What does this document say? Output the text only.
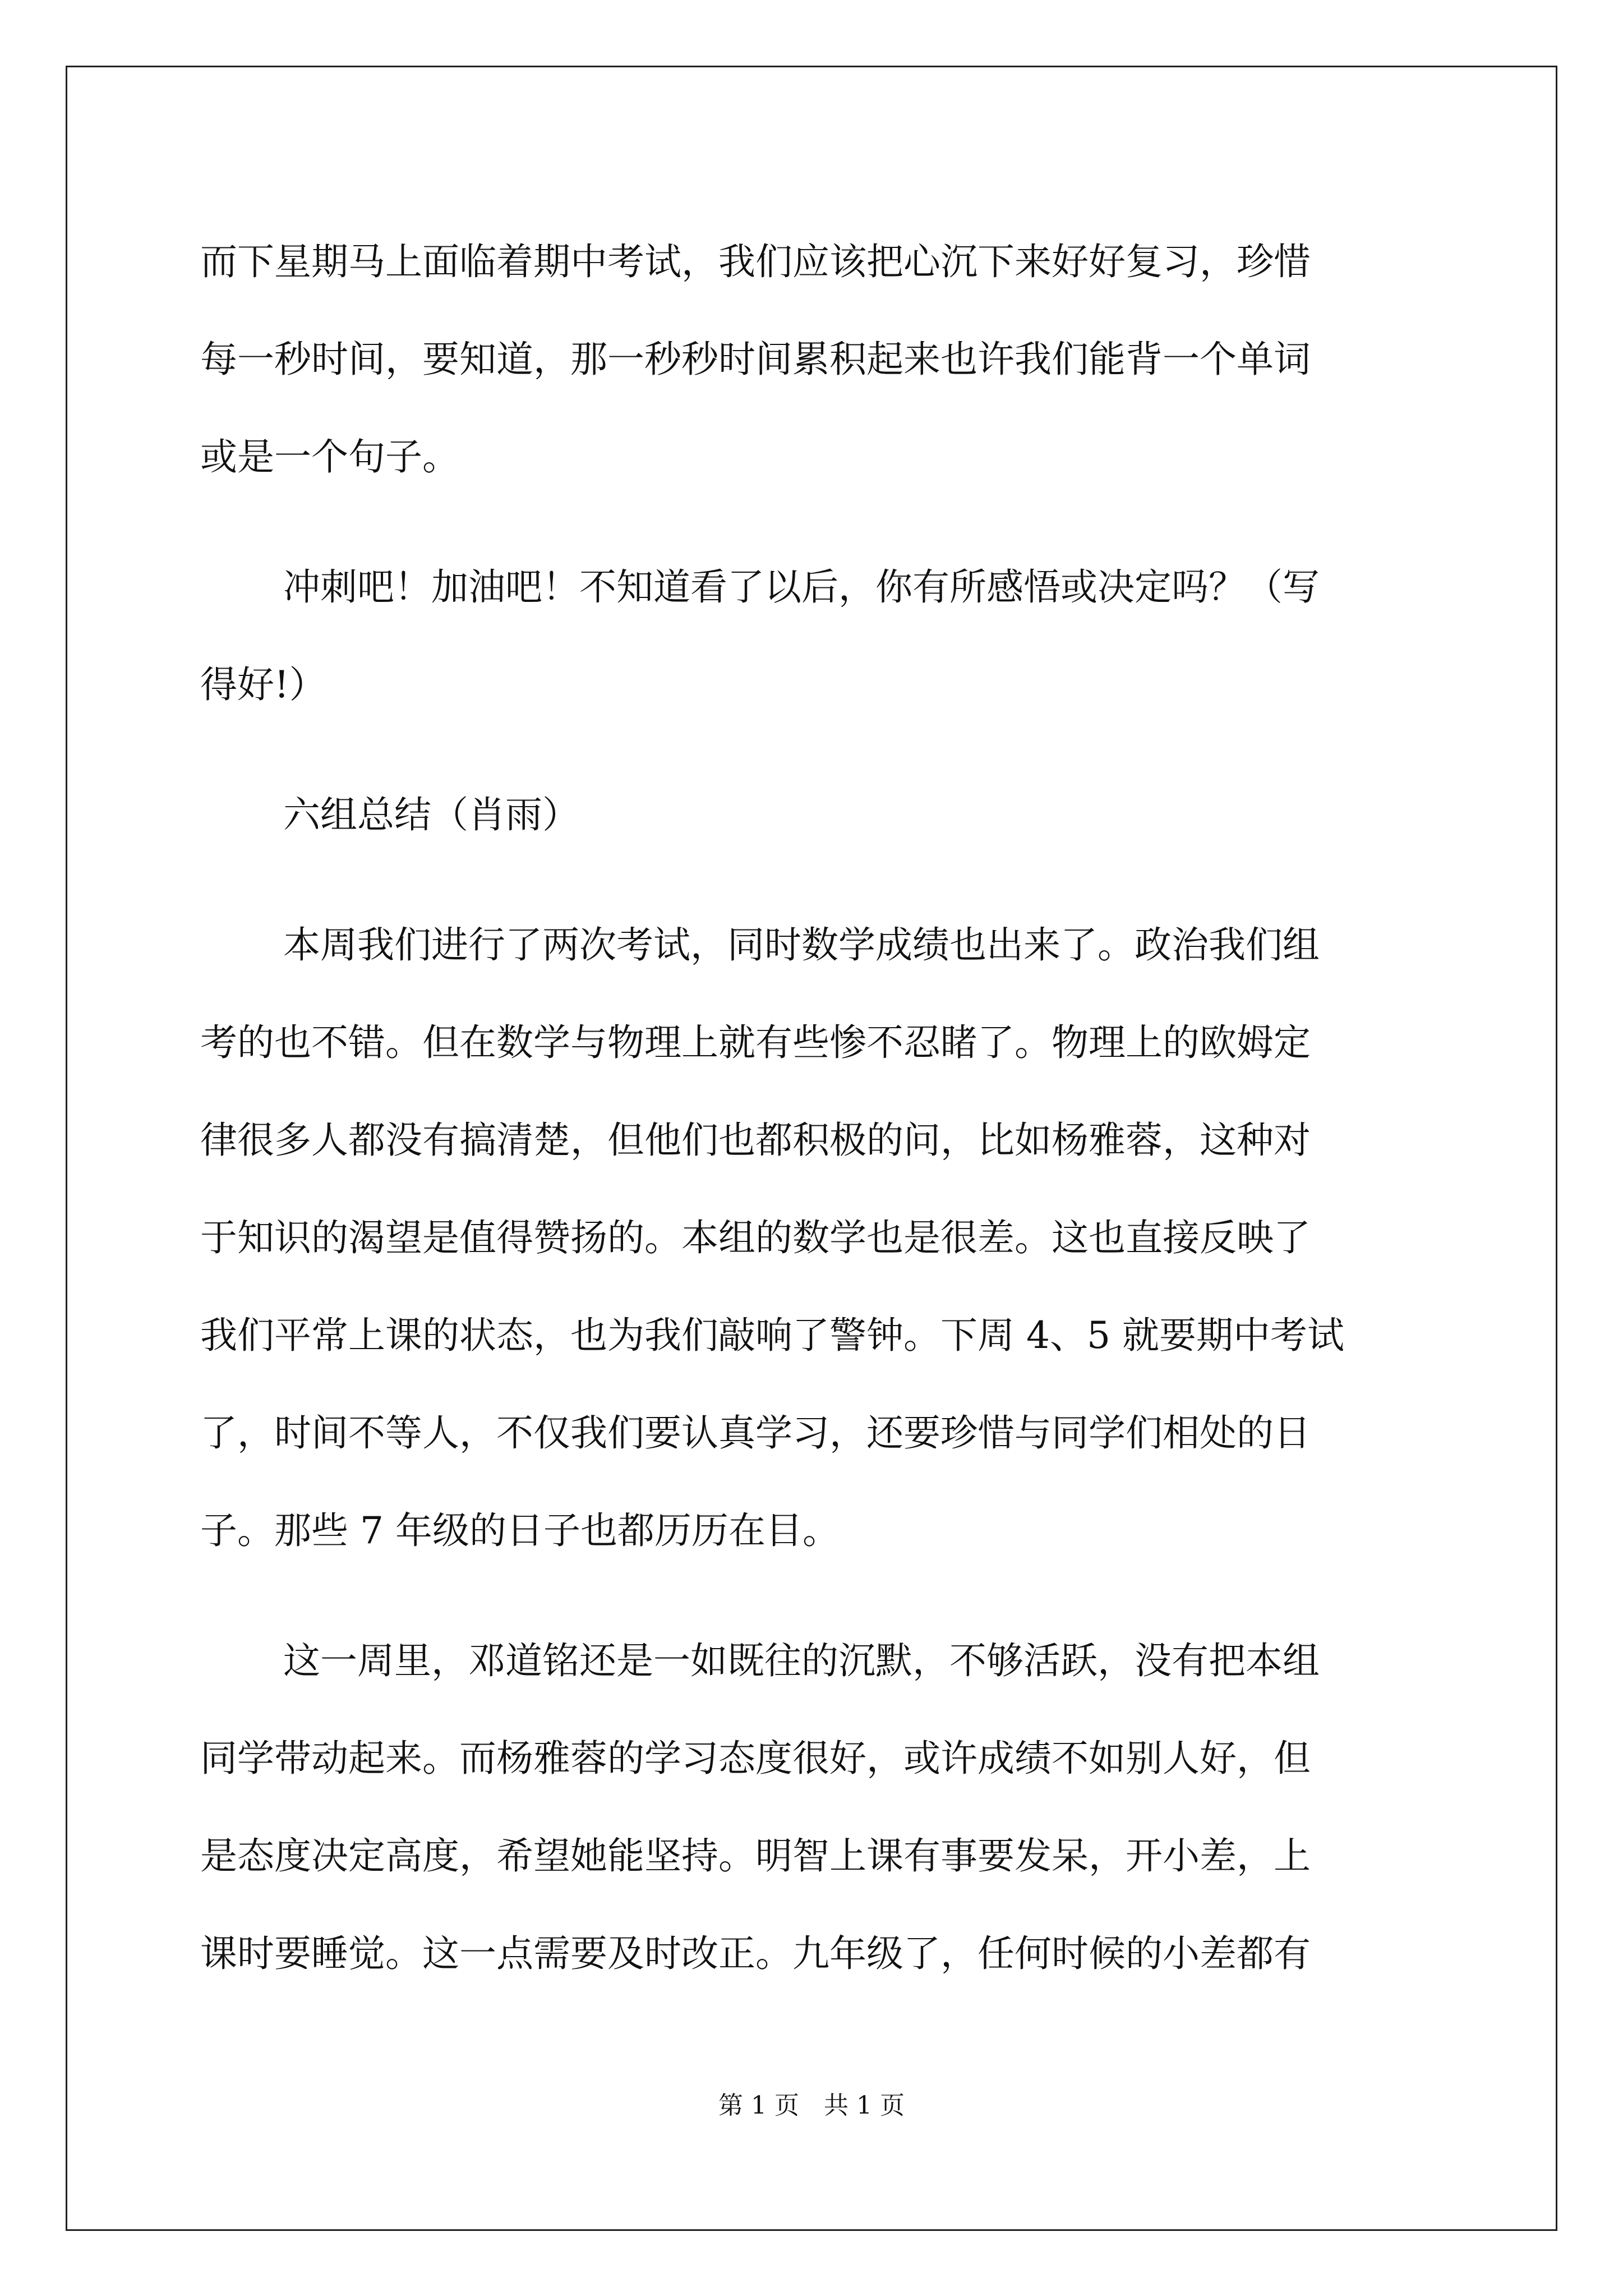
而下星期马上面临着期中考试，我们应该把心沉下来好好复习，珍惜
每一秒时间，要知道，那一秒秒时间累积起来也许我们能背一个单词
或是一个句子。

冲刺吧！加油吧！不知道看了以后，你有所感悟或决定吗？（写
得好!）

六组总结（肖雨）

本周我们进行了两次考试，同时数学成绩也出来了。政治我们组
考的也不错。但在数学与物理上就有些惨不忍睹了。物理上的欧姆定
律很多人都没有搞清楚，但他们也都积极的问，比如杨雅蓉，这种对
于知识的渴望是值得赞扬的。本组的数学也是很差。这也直接反映了
我们平常上课的状态，也为我们敲响了警钟。下周 4、5 就要期中考试
了，时间不等人，不仅我们要认真学习，还要珍惜与同学们相处的日
子。那些 7 年级的日子也都历历在目。

这一周里，邓道铭还是一如既往的沉默，不够活跃，没有把本组
同学带动起来。而杨雅蓉的学习态度很好，或许成绩不如别人好，但
是态度决定高度，希望她能坚持。明智上课有事要发呆，开小差，上
课时要睡觉。这一点需要及时改正。九年级了，任何时候的小差都有

第 1 页　共 1 页
